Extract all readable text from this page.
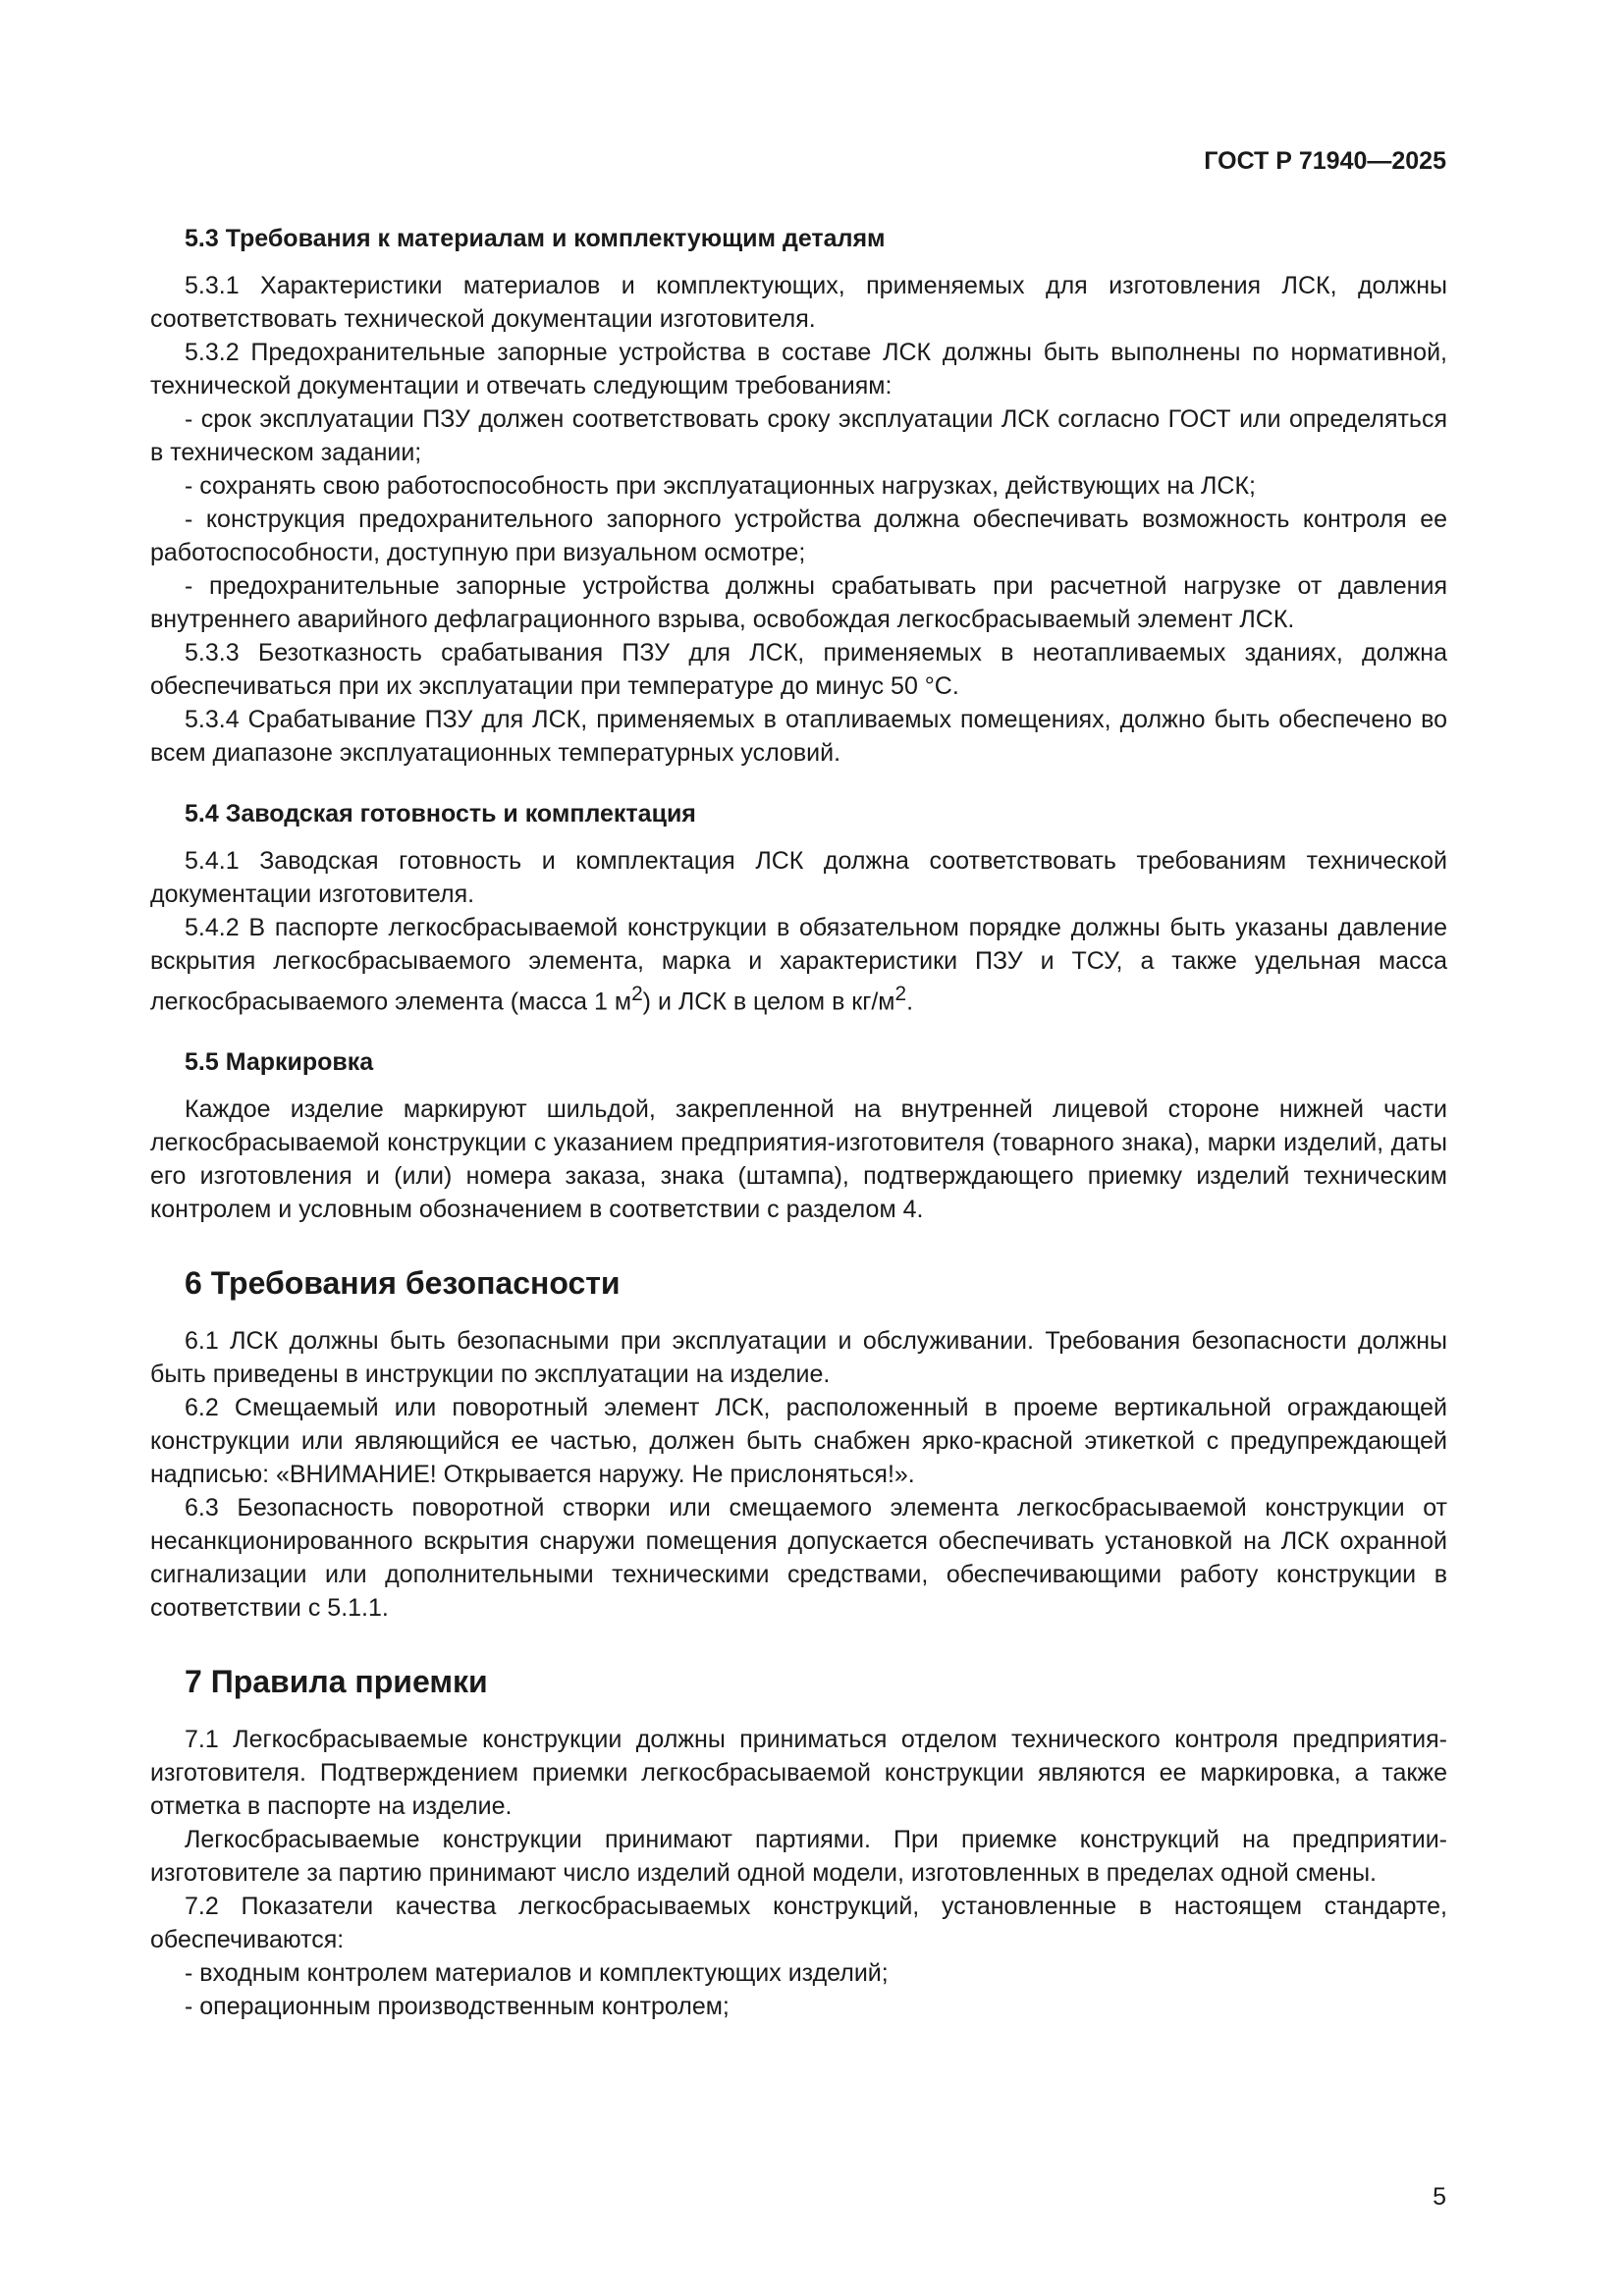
ГОСТ Р 71940—2025
5.3 Требования к материалам и комплектующим деталям

5.3.1 Характеристики материалов и комплектующих, применяемых для изготовления ЛСК, должны соответствовать технической документации изготовителя.

5.3.2 Предохранительные запорные устройства в составе ЛСК должны быть выполнены по нормативной, технической документации и отвечать следующим требованиям:

- срок эксплуатации ПЗУ должен соответствовать сроку эксплуатации ЛСК согласно ГОСТ или определяться в техническом задании;

- сохранять свою работоспособность при эксплуатационных нагрузках, действующих на ЛСК;

- конструкция предохранительного запорного устройства должна обеспечивать возможность контроля ее работоспособности, доступную при визуальном осмотре;

- предохранительные запорные устройства должны срабатывать при расчетной нагрузке от давления внутреннего аварийного дефлаграционного взрыва, освобождая легкосбрасываемый элемент ЛСК.

5.3.3 Безотказность срабатывания ПЗУ для ЛСК, применяемых в неотапливаемых зданиях, должна обеспечиваться при их эксплуатации при температуре до минус 50 °С.

5.3.4 Срабатывание ПЗУ для ЛСК, применяемых в отапливаемых помещениях, должно быть обеспечено во всем диапазоне эксплуатационных температурных условий.

5.4 Заводская готовность и комплектация

5.4.1 Заводская готовность и комплектация ЛСК должна соответствовать требованиям технической документации изготовителя.

5.4.2 В паспорте легкосбрасываемой конструкции в обязательном порядке должны быть указаны давление вскрытия легкосбрасываемого элемента, марка и характеристики ПЗУ и ТСУ, а также удельная масса легкосбрасываемого элемента (масса 1 $м^2$) и ЛСК в целом в $кг/м^2$.

5.5 Маркировка

Каждое изделие маркируют шильдой, закрепленной на внутренней лицевой стороне нижней части легкосбрасываемой конструкции с указанием предприятия-изготовителя (товарного знака), марки изделий, даты его изготовления и (или) номера заказа, знака (штампа), подтверждающего приемку изделий техническим контролем и условным обозначением в соответствии с разделом 4.

6 Требования безопасности

6.1 ЛСК должны быть безопасными при эксплуатации и обслуживании. Требования безопасности должны быть приведены в инструкции по эксплуатации на изделие.

6.2 Смещаемый или поворотный элемент ЛСК, расположенный в проеме вертикальной ограждающей конструкции или являющийся ее частью, должен быть снабжен ярко-красной этикеткой с предупреждающей надписью: «ВНИМАНИЕ! Открывается наружу. Не прислоняться!».

6.3 Безопасность поворотной створки или смещаемого элемента легкосбрасываемой конструкции от несанкционированного вскрытия снаружи помещения допускается обеспечивать установкой на ЛСК охранной сигнализации или дополнительными техническими средствами, обеспечивающими работу конструкции в соответствии с 5.1.1.

7 Правила приемки

7.1 Легкосбрасываемые конструкции должны приниматься отделом технического контроля предприятия-изготовителя. Подтверждением приемки легкосбрасываемой конструкции являются ее маркировка, а также отметка в паспорте на изделие.

Легкосбрасываемые конструкции принимают партиями. При приемке конструкций на предприятии-изготовителе за партию принимают число изделий одной модели, изготовленных в пределах одной смены.

7.2 Показатели качества легкосбрасываемых конструкций, установленные в настоящем стандарте, обеспечиваются:

- входным контролем материалов и комплектующих изделий;

- операционным производственным контролем;

5
